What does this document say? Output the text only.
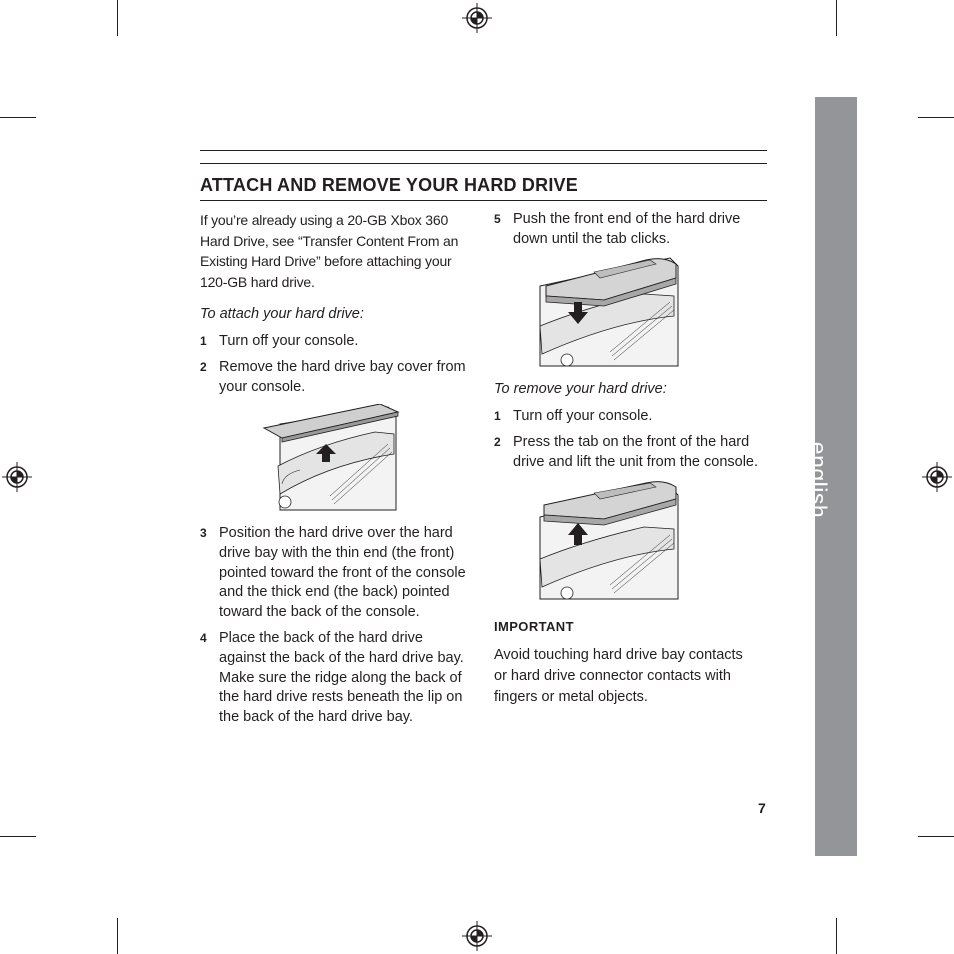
english
ATTACH AND REMOVE YOUR HARD DRIVE

If you’re already using a 20-GB Xbox 360 Hard Drive, see “Transfer Content From an Existing Hard Drive” before attaching your 120-GB hard drive.

To attach your hard drive:

1 Turn off your console.
2 Remove the hard drive bay cover from your console.
3 Position the hard drive over the hard drive bay with the thin end (the front) pointed toward the front of the console and the thick end (the back) pointed toward the back of the console.
4 Place the back of the hard drive against the back of the hard drive bay. Make sure the ridge along the back of the hard drive rests beneath the lip on the back of the hard drive bay.
5 Push the front end of the hard drive down until the tab clicks.

To remove your hard drive:

1 Turn off your console.
2 Press the tab on the front of the hard drive and lift the unit from the console.

IMPORTANT

Avoid touching hard drive bay contacts or hard drive connector contacts with fingers or metal objects.

7
